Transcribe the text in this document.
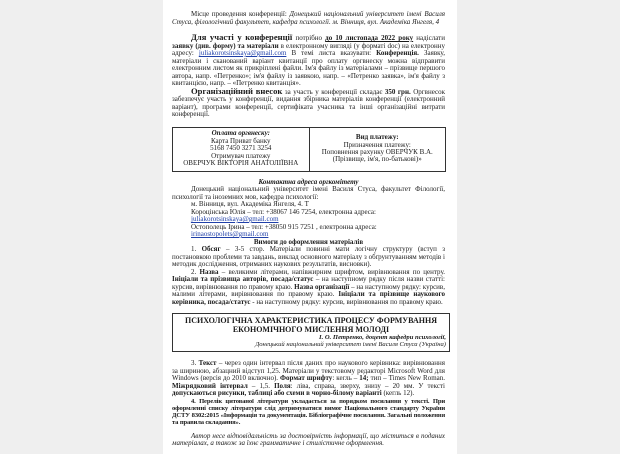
Місце проведення конференції: Донецький національний університет імені Василя Стуса, філологічний факультет, кафедра психології. м. Вінниця, вул. Академіка Янгеля, 4

Для участі у конференції потрібно до 10 листопада 2022 року надіслати заявку (див. форму) та матеріали в електронному вигляді (у форматі doc) на електронну адресу: juliakorotsinskaya@gmail.com В темі листа вказувати: Конференція. Заявку, матеріали і сканований варіант квитанції про оплату оргвнеску можна відправити електронним листом як прикріплені файли. Ім'я файлу із матеріалами – прізвище першого автора, напр. «Петренко»; ім'я файлу із заявкою, напр. – «Петренко заявка», ім'я файлу з квитанцією, напр. – «Петренко квитанція».

Організаційний внесок за участь у конференції складає 350 грн. Оргвнесок забезпечує участь у конференції, видання збірника матеріалів конференції (електронний варіант), програми конференції, сертифіката учасника та інші організаційні витрати конференції.

Оплата оргвнеску:
Карта Приват банку
5168 7450 3271 3254
Отримувач платежу
ОВЕРЧУК ВІКТОРІЯ АНАТОЛІЇВНА
Вид платежу:
Призначення платежу:
Поповнення рахунку ОВЕРЧУК В.А.
(Прізвище, ім'я, по-батькові)»
Контактна адреса оргкомітету
Донецький національний університет імені Василя Стуса, факультет Філології, психології та іноземних мов, кафедра психології:
м. Вінниця, вул. Академіка Янгеля, 4. Т
Короцінська Юлія – тел: +38067 146 7254, електронна адреса: juliakorotsinskaya@gmail.com
Остополець Ірина – тел: +38050 915 7251 , електронна адреса: irinaostopolets@gmail.com
Вимоги до оформлення матеріалів

1. Обсяг – 3-5 стор. Матеріали повинні мати логічну структуру (вступ з постановкою проблеми та завдань, виклад основного матеріалу з обґрунтуванням методів і методик дослідження, отриманих наукових результатів, висновки).

2. Назва – великими літерами, напівжирним шрифтом, вирівнювання по центру. Ініціали та прізвища авторів, посада/статус – на наступному рядку після назви статті: курсив, вирівнювання по правому краю. Назва організації – на наступному рядку: курсив, малими літерами, вирівнювання по правому краю. Ініціали та прізвище наукового керівника, посада/статус - на наступному рядку: курсив, вирівнювання по правому краю.

ПСИХОЛОГІЧНА ХАРАКТЕРИСТИКА ПРОЦЕСУ ФОРМУВАННЯ
ЕКОНОМІЧНОГО МИСЛЕННЯ МОЛОДІ
І. О. Петренко, доцент кафедри психології,
Донецький національний університет імені Василя Стуса (Україна)

3. Текст – через один інтервал після даних про наукового керівника: вирівнювання за шириною, абзацний відступ 1,25. Матеріали у текстовому редакторі Microsoft Word для Windows (версія до 2010 включно). Формат шрифту: кегль – 14; тип – Times New Roman. Міжрядковий інтервал – 1,5. Поля: ліва, справа, зверху, знизу – 20 мм. У тексті допускаються рисунки, таблиці або схеми в чорно-білому варіанті (кегль 12).

4. Перелік цитованої літератури укладається за порядком посилання у тексті. При оформленні списку літератури слід дотримуватися вимог Національного стандарту України ДСТУ 8302:2015 «Інформація та документація. Бібліографічне посилання. Загальні положення та правила складання».

Автор несе відповідальність за достовірність інформації, що міститься в поданих матеріалах, а також за їхнє грамматичне і стилістичне оформлення.
